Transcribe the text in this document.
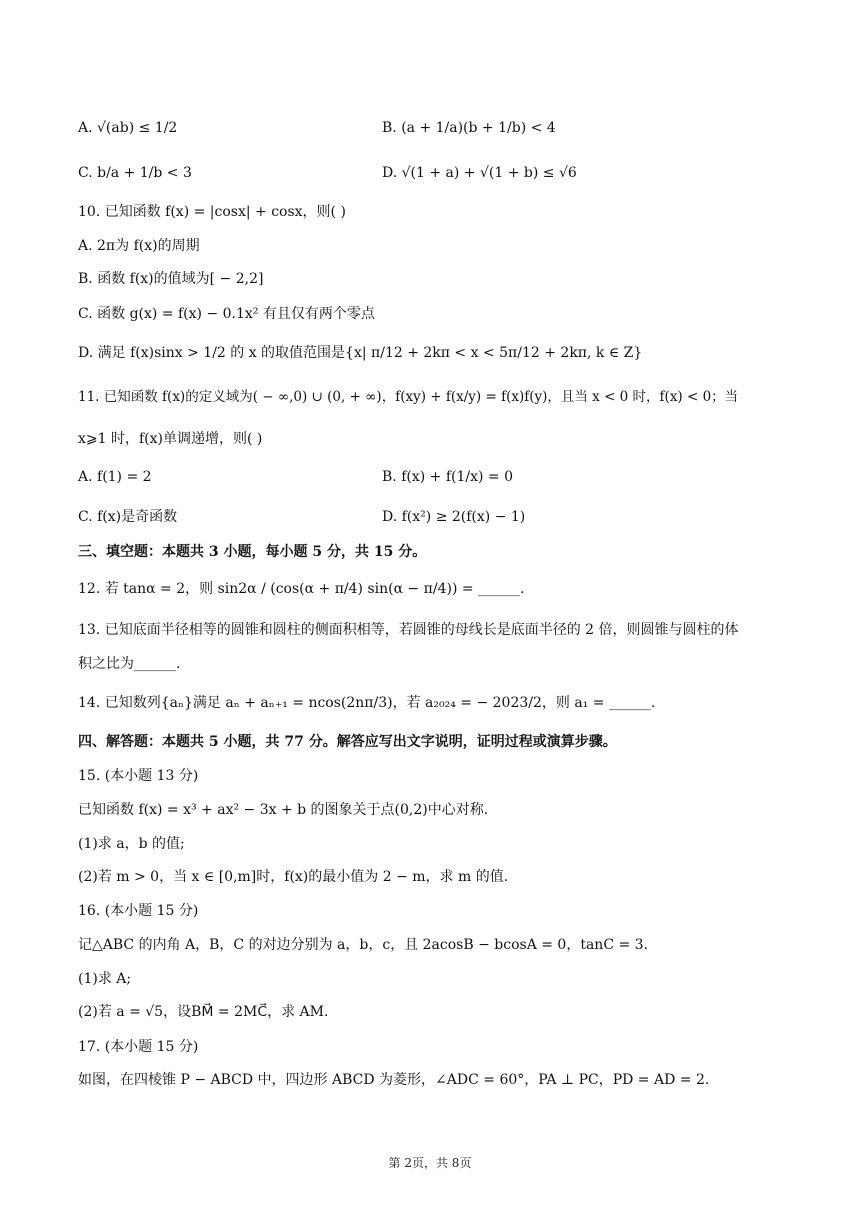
A. √(ab) ≤ 1/2	B. (a + 1/a)(b + 1/b) < 4
C. b/a + 1/b < 3	D. √(1 + a) + √(1 + b) ≤ √6
10. 已知函数 f(x) = |cosx| + cosx，则( )
A. 2π为 f(x)的周期
B. 函数 f(x)的值域为[ − 2,2]
C. 函数 g(x) = f(x) − 0.1x² 有且仅有两个零点
D. 满足 f(x)sinx > 1/2 的 x 的取值范围是{x| π/12 + 2kπ < x < 5π/12 + 2kπ, k ∈ Z}
11. 已知函数 f(x)的定义域为( − ∞,0) ∪ (0, + ∞)，f(xy) + f(x/y) = f(x)f(y)，且当 x < 0 时，f(x) < 0；当
x⩾1 时，f(x)单调递增，则( )
A. f(1) = 2	B. f(x) + f(1/x) = 0
C. f(x)是奇函数	D. f(x²) ≥ 2(f(x) − 1)
三、填空题：本题共 3 小题，每小题 5 分，共 15 分。
12. 若 tanα = 2，则 sin2α / (cos(α + π/4) sin(α − π/4)) = ______.
13. 已知底面半径相等的圆锥和圆柱的侧面积相等，若圆锥的母线长是底面半径的 2 倍，则圆锥与圆柱的体
积之比为______.
14. 已知数列{aₙ}满足 aₙ + aₙ₊₁ = ncos(2nπ/3)，若 a₂₀₂₄ = − 2023/2，则 a₁ = ______.
四、解答题：本题共 5 小题，共 77 分。解答应写出文字说明，证明过程或演算步骤。
15. (本小题 13 分)
已知函数 f(x) = x³ + ax² − 3x + b 的图象关于点(0,2)中心对称.
(1)求 a，b 的值;
(2)若 m > 0，当 x ∈ [0,m]时，f(x)的最小值为 2 − m，求 m 的值.
16. (本小题 15 分)
记△ABC 的内角 A，B，C 的对边分别为 a，b，c，且 2acosB − bcosA = 0，tanC = 3.
(1)求 A;
(2)若 a = √5，设BM⃗ = 2MC⃗，求 AM.
17. (本小题 15 分)
如图，在四棱锥 P − ABCD 中，四边形 ABCD 为菱形，∠ADC = 60°，PA ⊥ PC，PD = AD = 2.
第 2页，共 8页
